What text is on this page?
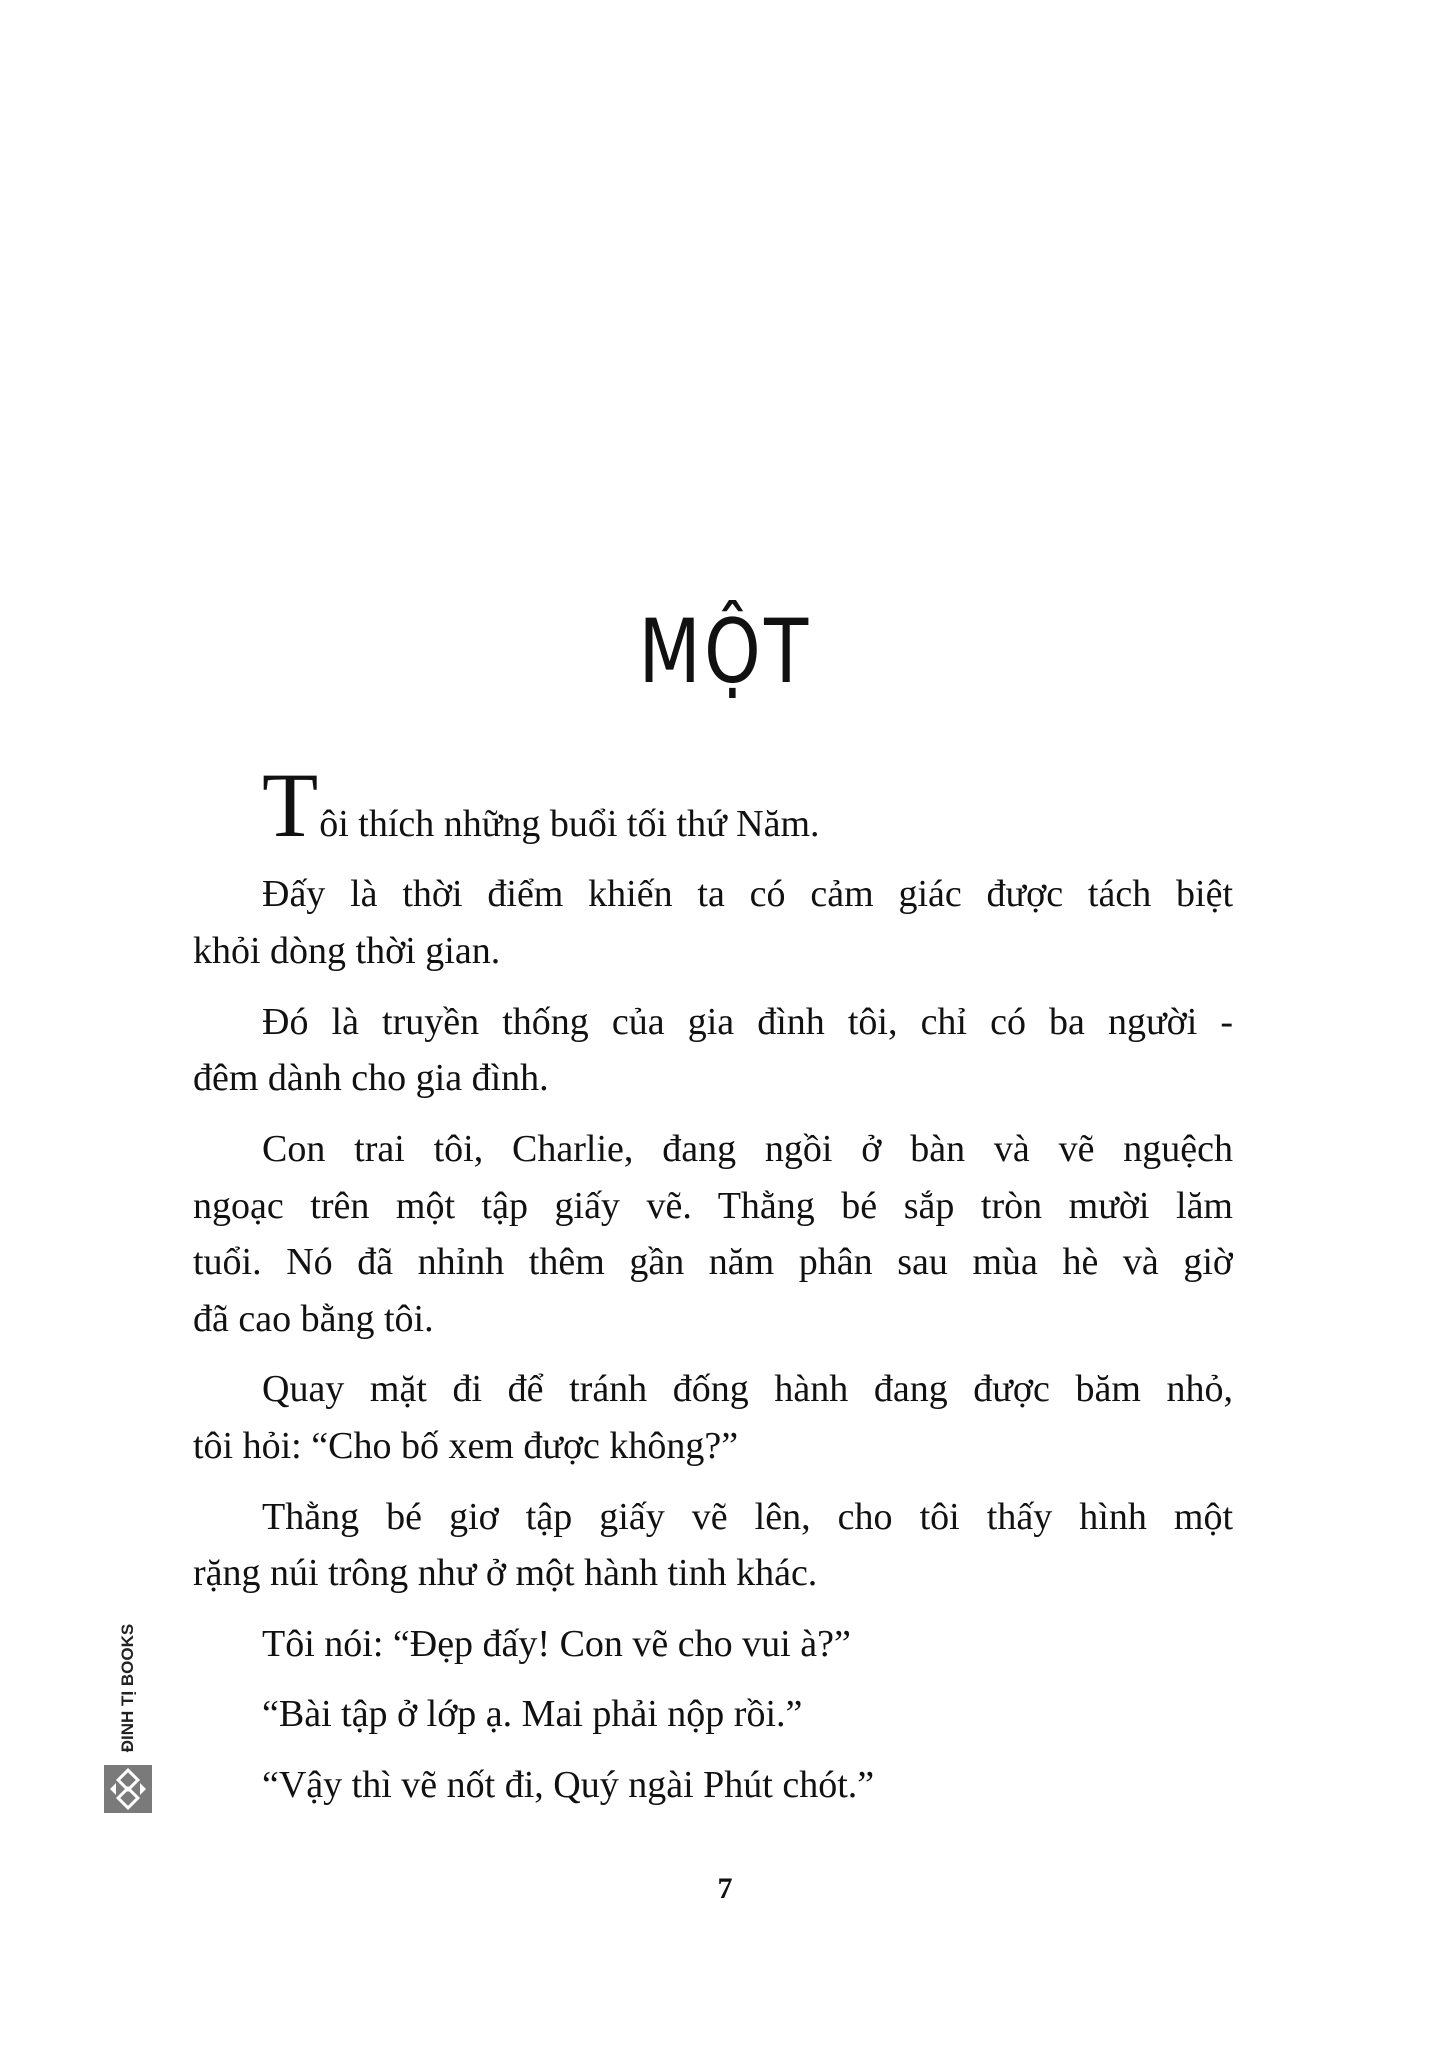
MỘT
Tôi thích những buổi tối thứ Năm.
Đấy là thời điểm khiến ta có cảm giác được tách biệt
khỏi dòng thời gian.
Đó là truyền thống của gia đình tôi, chỉ có ba người -
đêm dành cho gia đình.
Con trai tôi, Charlie, đang ngồi ở bàn và vẽ nguệch
ngoạc trên một tập giấy vẽ. Thằng bé sắp tròn mười lăm
tuổi. Nó đã nhỉnh thêm gần năm phân sau mùa hè và giờ
đã cao bằng tôi.
Quay mặt đi để tránh đống hành đang được băm nhỏ,
tôi hỏi: “Cho bố xem được không?”
Thằng bé giơ tập giấy vẽ lên, cho tôi thấy hình một
rặng núi trông như ở một hành tinh khác.
Tôi nói: “Đẹp đấy! Con vẽ cho vui à?”
“Bài tập ở lớp ạ. Mai phải nộp rồi.”
“Vậy thì vẽ nốt đi, Quý ngài Phút chót.”
7
ĐINH TỊ BOOKS
